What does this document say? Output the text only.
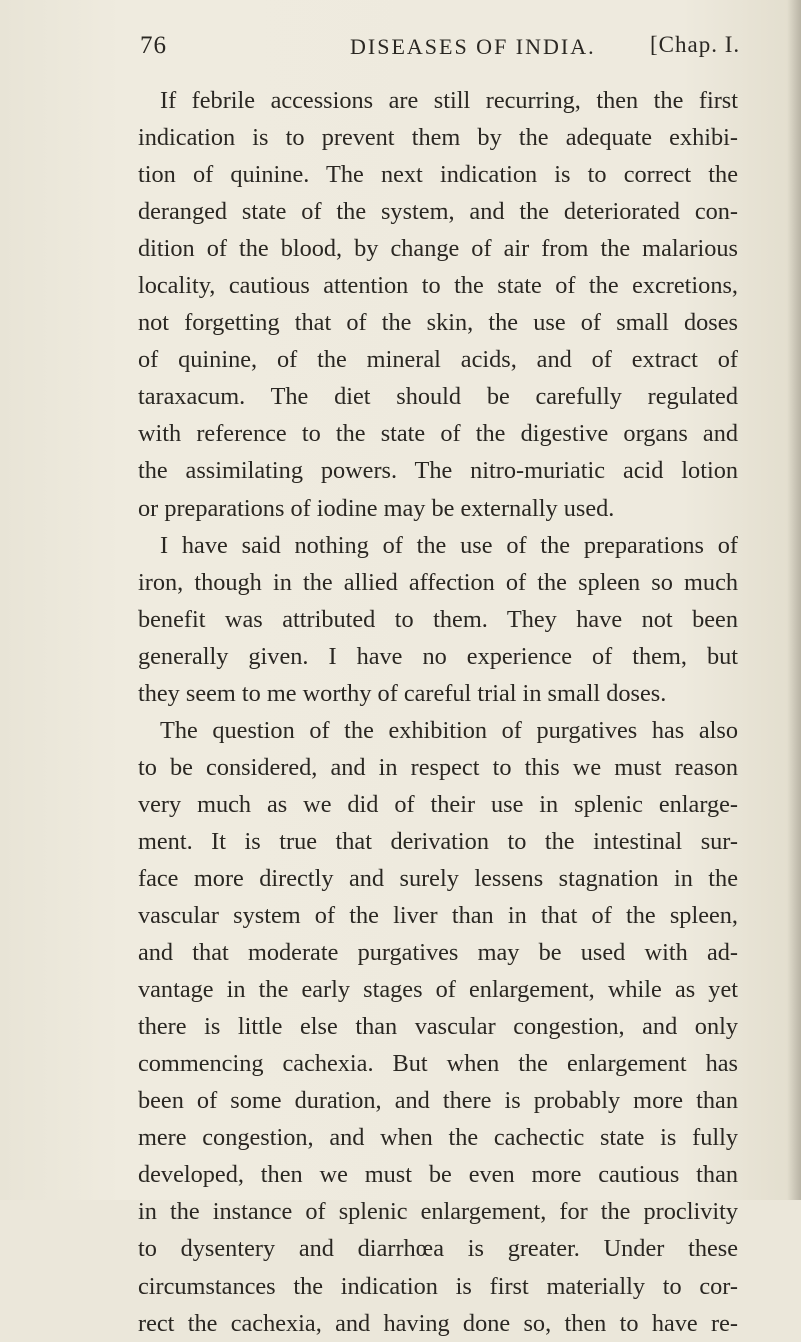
76	DISEASES OF INDIA. [Chap. I.
If febrile accessions are still recurring, then the first
indication is to prevent them by the adequate exhibi-
tion of quinine. The next indication is to correct the
deranged state of the system, and the deteriorated con-
dition of the blood, by change of air from the malarious
locality, cautious attention to the state of the excretions,
not forgetting that of the skin, the use of small doses
of quinine, of the mineral acids, and of extract of
taraxacum. The diet should be carefully regulated
with reference to the state of the digestive organs and
the assimilating powers. The nitro-muriatic acid lotion
or preparations of iodine may be externally used.
I have said nothing of the use of the preparations of
iron, though in the allied affection of the spleen so much
benefit was attributed to them. They have not been
generally given. I have no experience of them, but
they seem to me worthy of careful trial in small doses.
The question of the exhibition of purgatives has also
to be considered, and in respect to this we must reason
very much as we did of their use in splenic enlarge-
ment. It is true that derivation to the intestinal sur-
face more directly and surely lessens stagnation in the
vascular system of the liver than in that of the spleen,
and that moderate purgatives may be used with ad-
vantage in the early stages of enlargement, while as yet
there is little else than vascular congestion, and only
commencing cachexia. But when the enlargement has
been of some duration, and there is probably more than
mere congestion, and when the cachectic state is fully
developed, then we must be even more cautious than
in the instance of splenic enlargement, for the proclivity
to dysentery and diarrhœa is greater. Under these
circumstances the indication is first materially to cor-
rect the cachexia, and having done so, then to have re-
